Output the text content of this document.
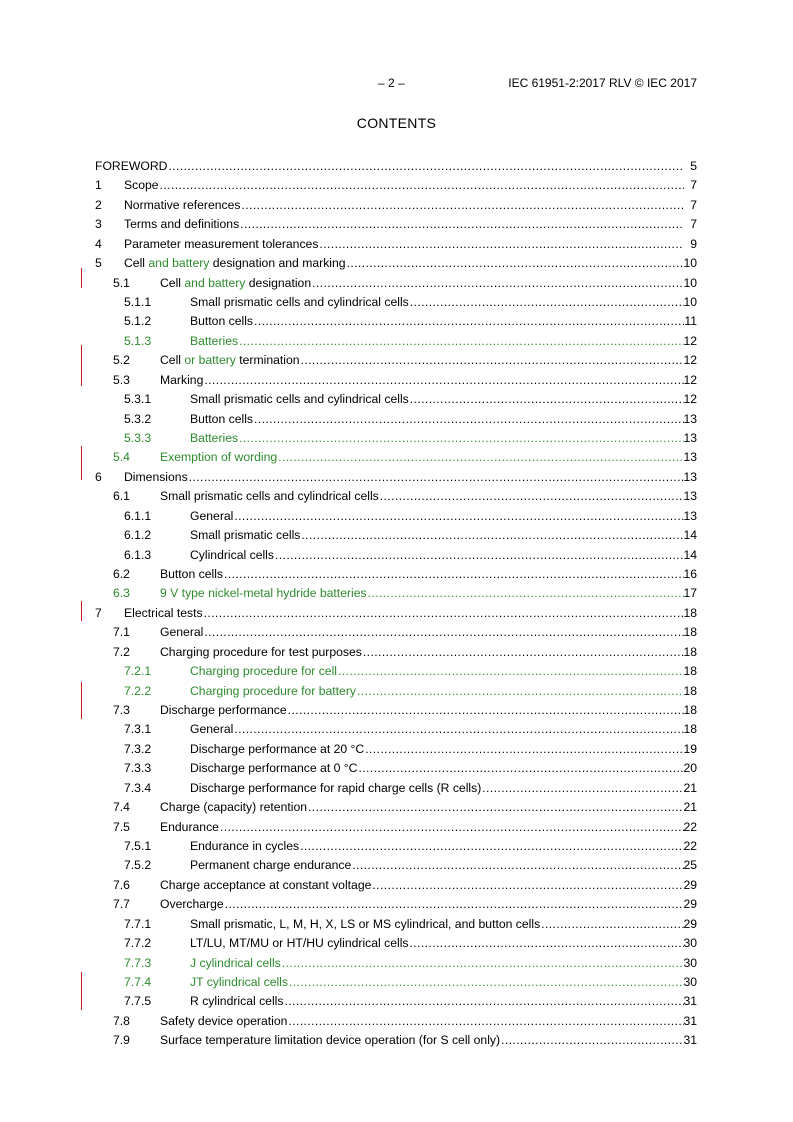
– 2 –	IEC 61951-2:2017 RLV © IEC 2017
CONTENTS
FOREWORD .....	5
1 Scope .....	7
2 Normative references .....	7
3 Terms and definitions .....	7
4 Parameter measurement tolerances .....	9
5 Cell and battery designation and marking .....	10
5.1 Cell and battery designation .....	10
5.1.1	Small prismatic cells and cylindrical cells .....	10
5.1.2	Button cells .....	11
5.1.3	Batteries .....	12
5.2 Cell or battery termination .....	12
5.3 Marking .....	12
5.3.1	Small prismatic cells and cylindrical cells .....	12
5.3.2	Button cells .....	13
5.3.3	Batteries .....	13
5.4 Exemption of wording .....	13
6 Dimensions .....	13
6.1 Small prismatic cells and cylindrical cells .....	13
6.1.1	General .....	13
6.1.2	Small prismatic cells .....	14
6.1.3	Cylindrical cells .....	14
6.2 Button cells .....	16
6.3 9 V type nickel-metal hydride batteries .....	17
7 Electrical tests .....	18
7.1 General .....	18
7.2 Charging procedure for test purposes .....	18
7.2.1	Charging procedure for cell .....	18
7.2.2	Charging procedure for battery .....	18
7.3 Discharge performance .....	18
7.3.1	General .....	18
7.3.2	Discharge performance at 20 °C .....	19
7.3.3	Discharge performance at 0 °C .....	20
7.3.4	Discharge performance for rapid charge cells (R cells) .....	21
7.4 Charge (capacity) retention .....	21
7.5 Endurance .....	22
7.5.1	Endurance in cycles .....	22
7.5.2	Permanent charge endurance .....	25
7.6 Charge acceptance at constant voltage .....	29
7.7 Overcharge .....	29
7.7.1	Small prismatic, L, M, H, X, LS or MS cylindrical, and button cells .....	29
7.7.2	LT/LU, MT/MU or HT/HU cylindrical cells .....	30
7.7.3	J cylindrical cells .....	30
7.7.4	JT cylindrical cells .....	30
7.7.5	R cylindrical cells .....	31
7.8 Safety device operation .....	31
7.9 Surface temperature limitation device operation (for S cell only) .....	31
